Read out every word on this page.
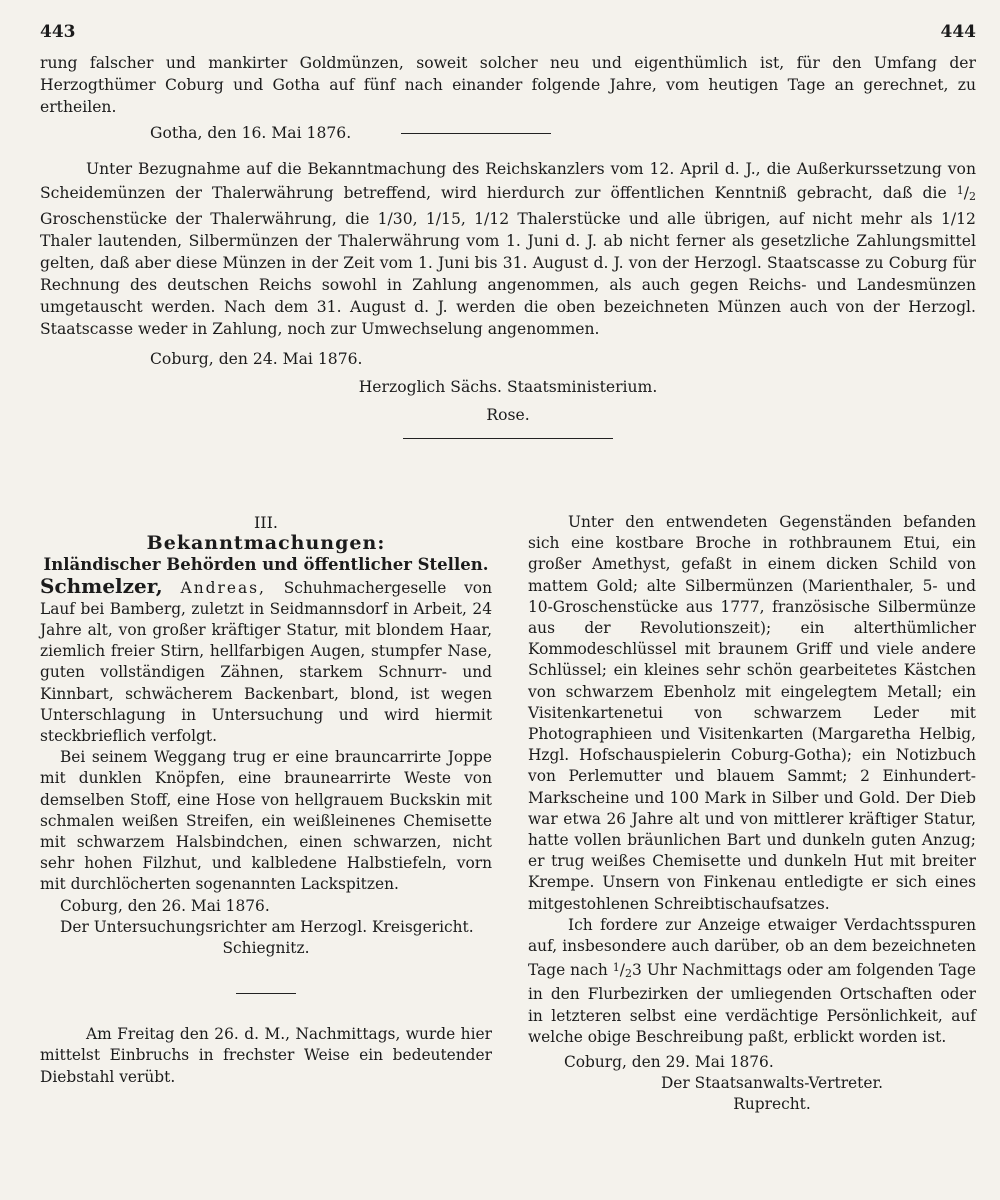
443	444

rung falscher und mankirter Goldmünzen, soweit solcher neu und eigenthümlich ist, für den Umfang der Herzogthümer Coburg und Gotha auf fünf nach einander folgende Jahre, vom heutigen Tage an gerechnet, zu ertheilen.

Gotha, den 16. Mai 1876.

Unter Bezugnahme auf die Bekanntmachung des Reichskanzlers vom 12. April d. J., die Außerkurssetzung von Scheidemünzen der Thalerwährung betreffend, wird hierdurch zur öffentlichen Kenntniß gebracht, daß die $^1$/2 Groschenstücke der Thalerwährung, die 1/30, 1/15, 1/12 Thalerstücke und alle übrigen, auf nicht mehr als 1/12 Thaler lautenden, Silbermünzen der Thalerwährung vom 1. Juni d. J. ab nicht ferner als gesetzliche Zahlungsmittel gelten, daß aber diese Münzen in der Zeit vom 1. Juni bis 31. August d. J. von der Herzogl. Staatscasse zu Coburg für Rechnung des deutschen Reichs sowohl in Zahlung angenommen, als auch gegen Reichs- und Landesmünzen umgetauscht werden. Nach dem 31. August d. J. werden die oben bezeichneten Münzen auch von der Herzogl. Staatscasse weder in Zahlung, noch zur Umwechselung angenommen.

Coburg, den 24. Mai 1876.

Herzoglich Sächs. Staatsministerium.

Rose.

III.

Bekanntmachungen:

Inländischer Behörden und öffentlicher Stellen.

Schmelzer, Andreas, Schuhmachergeselle von Lauf bei Bamberg, zuletzt in Seidmannsdorf in Arbeit, 24 Jahre alt, von großer kräftiger Statur, mit blondem Haar, ziemlich freier Stirn, hellfarbigen Augen, stumpfer Nase, guten vollständigen Zähnen, starkem Schnurr- und Kinnbart, schwächerem Backenbart, blond, ist wegen Unterschlagung in Untersuchung und wird hiermit steckbrieflich verfolgt.

Bei seinem Weggang trug er eine brauncarrirte Joppe mit dunklen Knöpfen, eine braunearrirte Weste von demselben Stoff, eine Hose von hellgrauem Buckskin mit schmalen weißen Streifen, ein weißleinenes Chemisette mit schwarzem Halsbindchen, einen schwarzen, nicht sehr hohen Filzhut, und kalbledene Halbstiefeln, vorn mit durchlöcherten sogenannten Lackspitzen.

Coburg, den 26. Mai 1876.

Der Untersuchungsrichter am Herzogl. Kreisgericht.

Schiegnitz.

Am Freitag den 26. d. M., Nachmittags, wurde hier mittelst Einbruchs in frechster Weise ein bedeutender Diebstahl verübt.

Unter den entwendeten Gegenständen befanden sich eine kostbare Broche in rothbraunem Etui, ein großer Amethyst, gefaßt in einem dicken Schild von mattem Gold; alte Silbermünzen (Marienthaler, 5- und 10-Groschenstücke aus 1777, französische Silbermünze aus der Revolutionszeit); ein alterthümlicher Kommodeschlüssel mit braunem Griff und viele andere Schlüssel; ein kleines sehr schön gearbeitetes Kästchen von schwarzem Ebenholz mit eingelegtem Metall; ein Visitenkartenetui von schwarzem Leder mit Photographieen und Visitenkarten (Margaretha Helbig, Hzgl. Hofschauspielerin Coburg-Gotha); ein Notizbuch von Perlemutter und blauem Sammt; 2 Einhundert-Markscheine und 100 Mark in Silber und Gold. Der Dieb war etwa 26 Jahre alt und von mittlerer kräftiger Statur, hatte vollen bräunlichen Bart und dunkeln guten Anzug; er trug weißes Chemisette und dunkeln Hut mit breiter Krempe. Unsern von Finkenau entledigte er sich eines mitgestohlenen Schreibtischaufsatzes.

Ich fordere zur Anzeige etwaiger Verdachtsspuren auf, insbesondere auch darüber, ob an dem bezeichneten Tage nach $^1$/23 Uhr Nachmittags oder am folgenden Tage in den Flurbezirken der umliegenden Ortschaften oder in letzteren selbst eine verdächtige Persönlichkeit, auf welche obige Beschreibung paßt, erblickt worden ist.

Coburg, den 29. Mai 1876.

Der Staatsanwalts-Vertreter.

Ruprecht.
